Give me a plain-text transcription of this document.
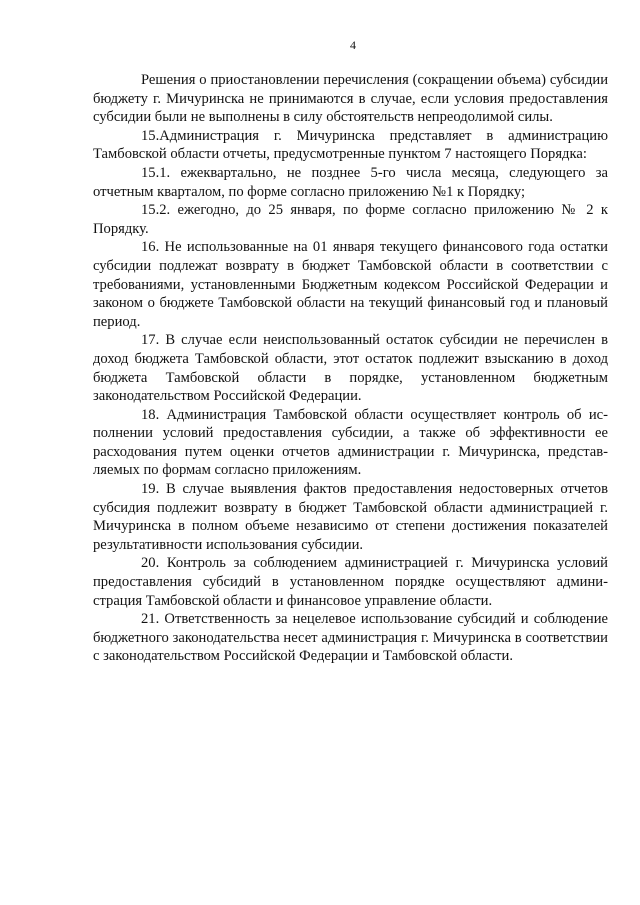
4

Решения о приостановлении перечисления (сокращении объема) субсидии бюджету г. Мичуринска не принимаются в случае, если условия предоставления субсидии были не выполнены в силу обстоятельств непреодолимой силы.

15.Администрация г. Мичуринска представляет в администрацию Тамбовской области отчеты, предусмотренные пунктом 7 настоящего Порядка:

15.1. ежеквартально, не позднее 5-го числа месяца, следующего за отчетным кварталом, по форме согласно приложению №1 к Порядку;

15.2. ежегодно, до 25 января, по форме согласно приложению № 2 к Порядку.

16. Не использованные на 01 января текущего финансового года остатки субсидии подлежат возврату в бюджет Тамбовской области в соответствии с требованиями, установленными Бюджетным кодексом Российской Федерации и законом о бюджете Тамбовской области на текущий финансовый год и плановый период.

17. В случае если неиспользованный остаток субсидии не перечислен в доход бюджета Тамбовской области, этот остаток подлежит взысканию в доход бюджета Тамбовской области в порядке, установленном бюджетным законодательством Российской Федерации.

18. Администрация Тамбовской области осуществляет контроль об исполнении условий предоставления субсидии, а также об эффективности ее расходования путем оценки отчетов администрации г. Мичуринска, представляемых по формам согласно приложениям.

19. В случае выявления фактов предоставления недостоверных отчетов субсидия подлежит возврату в бюджет Тамбовской области администрацией г. Мичуринска в полном объеме независимо от степени достижения показателей результативности использования субсидии.

20. Контроль за соблюдением администрацией г. Мичуринска условий предоставления субсидий в установленном порядке осуществляют администрация Тамбовской области и финансовое управление области.

21. Ответственность за нецелевое использование субсидий и соблюдение бюджетного законодательства несет администрация г. Мичуринска в соответствии с законодательством Российской Федерации и Тамбовской области.
